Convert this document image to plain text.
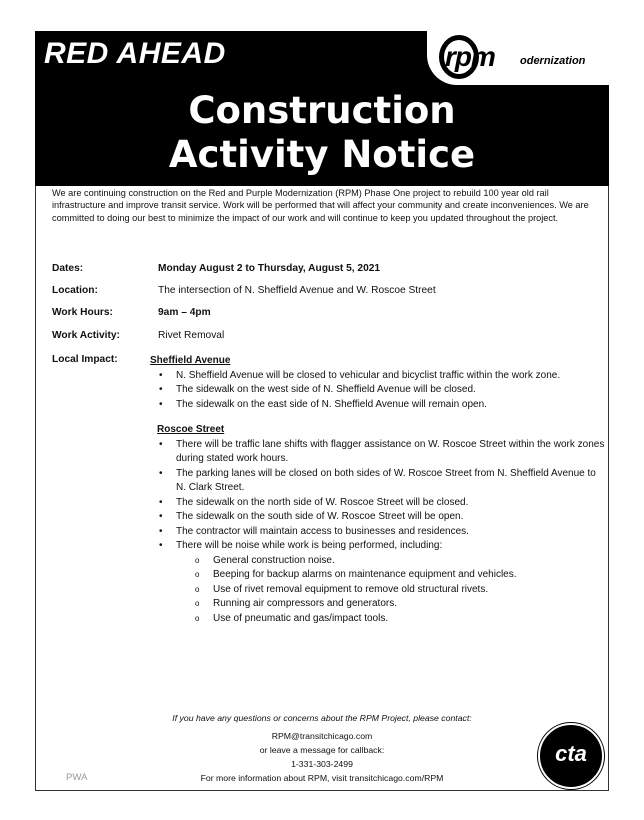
RED AHEAD	rpm odernization
Construction
Activity Notice
We are continuing construction on the Red and Purple Modernization (RPM) Phase One project to rebuild 100 year old rail infrastructure and improve transit service. Work will be performed that will affect your community and create inconveniences. We are committed to doing our best to minimize the impact of our work and will continue to keep you updated throughout the project.
Dates:	Monday August 2 to Thursday, August 5, 2021
Location:	The intersection of N. Sheffield Avenue and W. Roscoe Street
Work Hours:	9am – 4pm
Work Activity:	Rivet Removal
Local Impact:	Sheffield Avenue
• N. Sheffield Avenue will be closed to vehicular and bicyclist traffic within the work zone.
• The sidewalk on the west side of N. Sheffield Avenue will be closed.
• The sidewalk on the east side of N. Sheffield Avenue will remain open.
Roscoe Street
• There will be traffic lane shifts with flagger assistance on W. Roscoe Street within the work zones during stated work hours.
• The parking lanes will be closed on both sides of W. Roscoe Street from N. Sheffield Avenue to N. Clark Street.
• The sidewalk on the north side of W. Roscoe Street will be closed.
• The sidewalk on the south side of W. Roscoe Street will be open.
• The contractor will maintain access to businesses and residences.
• There will be noise while work is being performed, including:
o General construction noise.
o Beeping for backup alarms on maintenance equipment and vehicles.
o Use of rivet removal equipment to remove old structural rivets.
o Running air compressors and generators.
o Use of pneumatic and gas/impact tools.
If you have any questions or concerns about the RPM Project, please contact:
RPM@transitchicago.com
or leave a message for callback:
1-331-303-2499
For more information about RPM, visit transitchicago.com/RPM
PWA
cta
